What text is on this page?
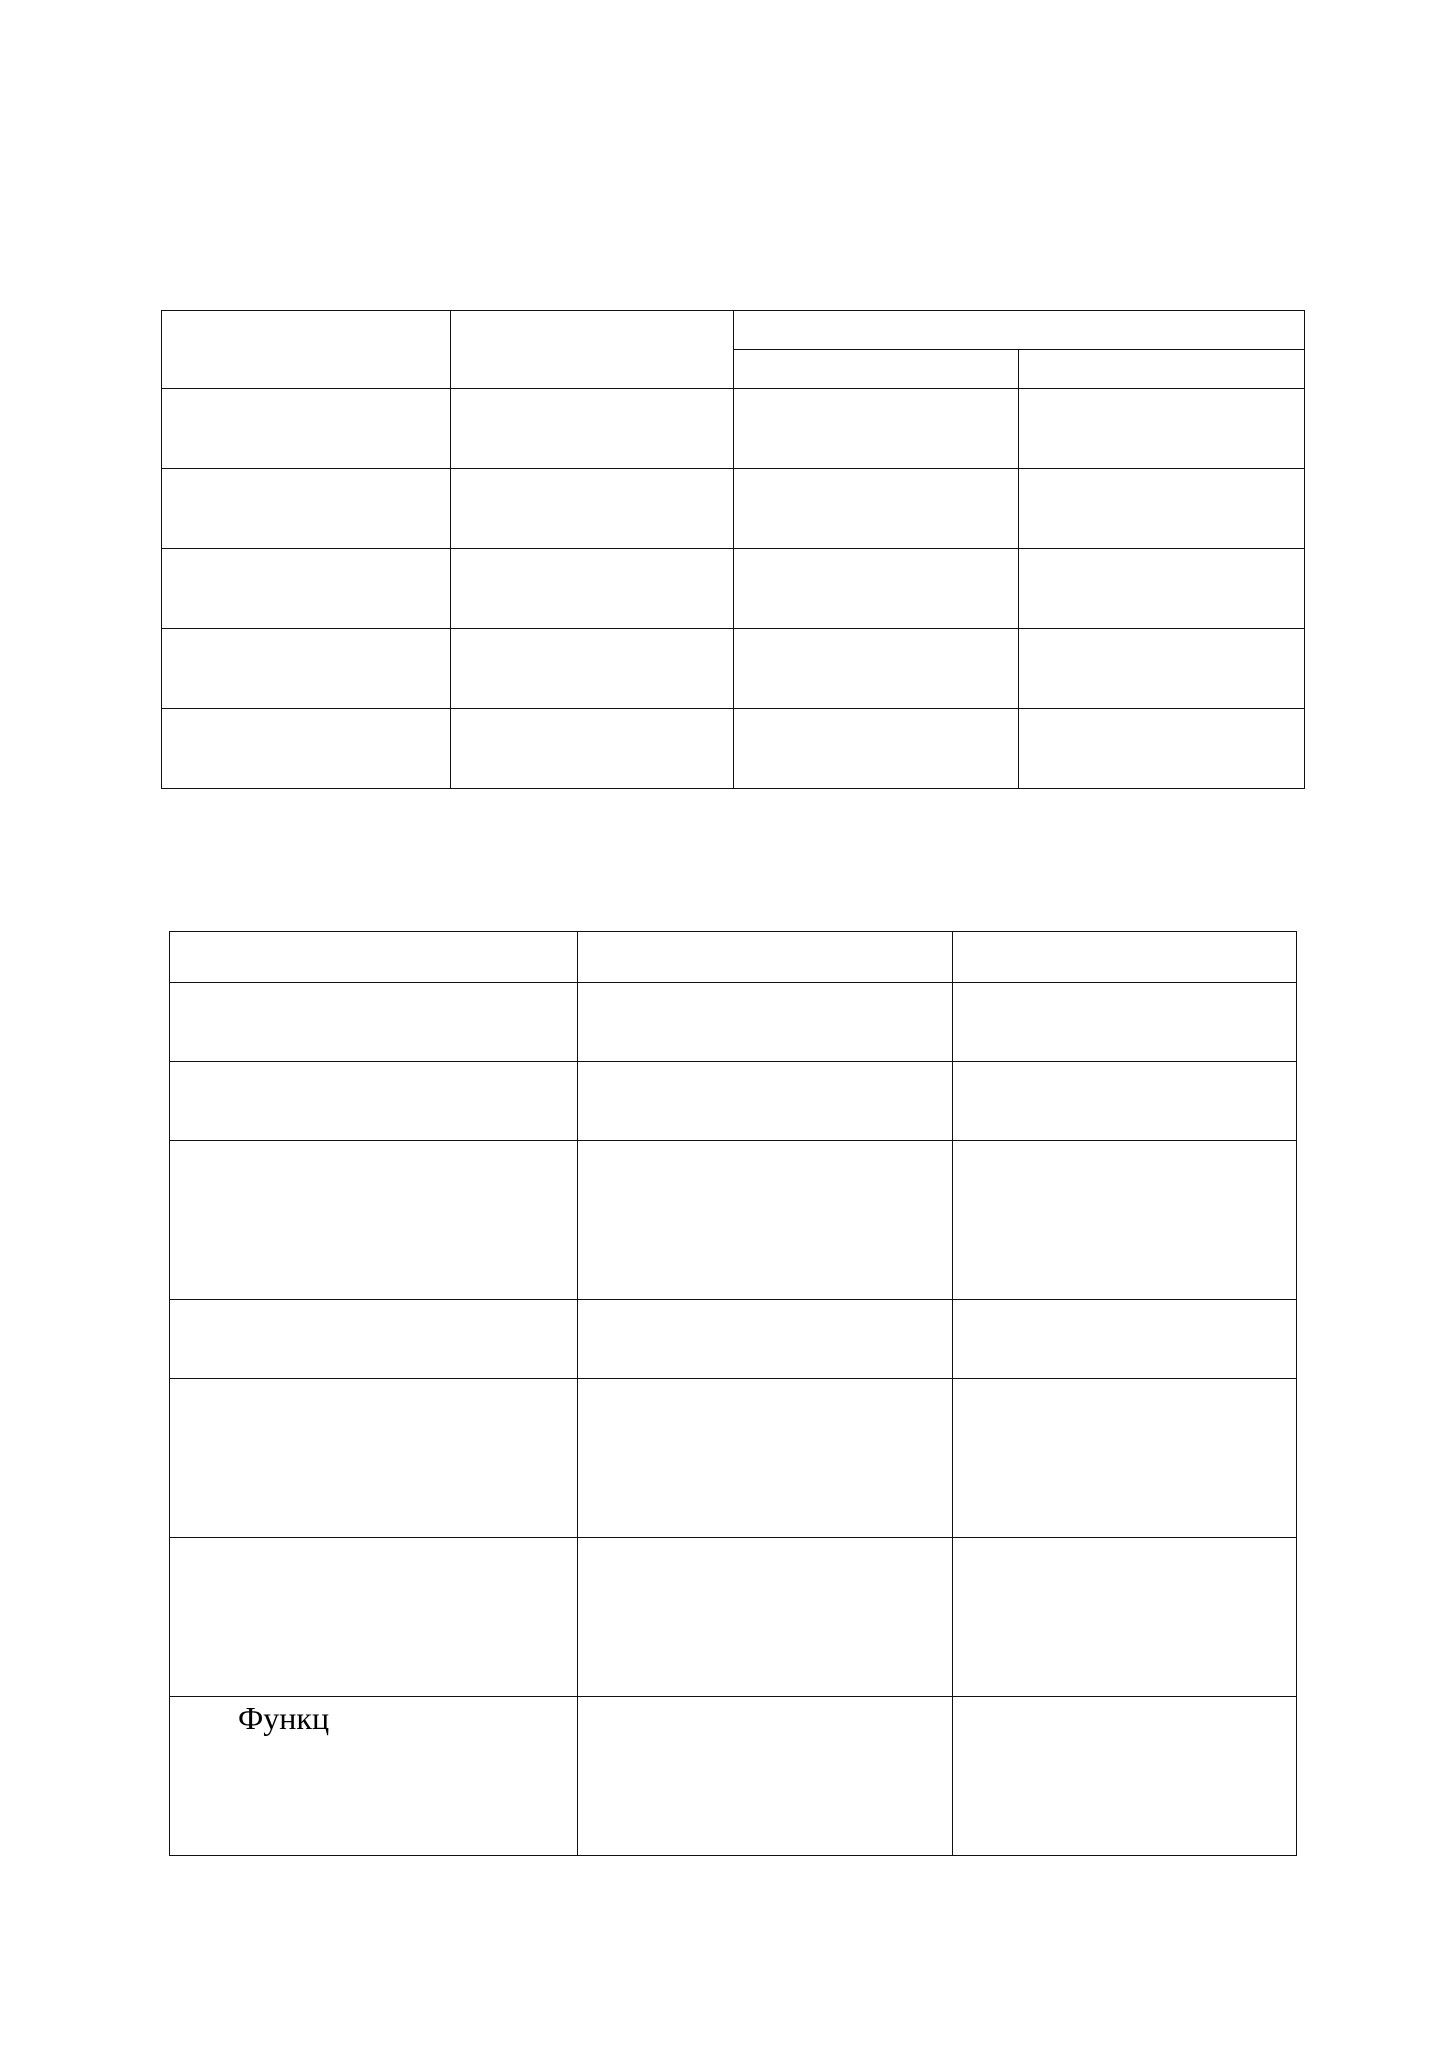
Функц		
